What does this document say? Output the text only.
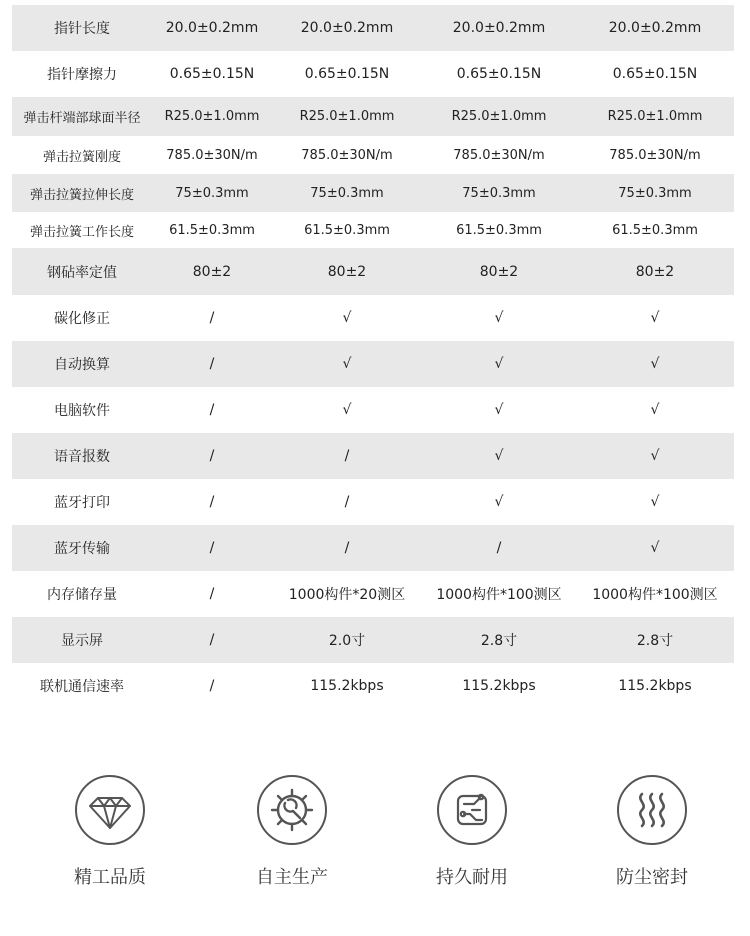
指针长度	20.0±0.2mm	20.0±0.2mm	20.0±0.2mm	20.0±0.2mm
指针摩擦力	0.65±0.15N	0.65±0.15N	0.65±0.15N	0.65±0.15N
弹击杆端部球面半径	R25.0±1.0mm	R25.0±1.0mm	R25.0±1.0mm	R25.0±1.0mm
弹击拉簧刚度	785.0±30N/m	785.0±30N/m	785.0±30N/m	785.0±30N/m
弹击拉簧拉伸长度	75±0.3mm	75±0.3mm	75±0.3mm	75±0.3mm
弹击拉簧工作长度	61.5±0.3mm	61.5±0.3mm	61.5±0.3mm	61.5±0.3mm
钢砧率定值	80±2	80±2	80±2	80±2
碳化修正	/	√	√	√
自动换算	/	√	√	√
电脑软件	/	√	√	√
语音报数	/	/	√	√
蓝牙打印	/	/	√	√
蓝牙传输	/	/	/	√
内存储存量	/	1000构件*20测区	1000构件*100测区	1000构件*100测区
显示屏	/	2.0寸	2.8寸	2.8寸
联机通信速率	/	115.2kbps	115.2kbps	115.2kbps
精工品质	自主生产	持久耐用	防尘密封
